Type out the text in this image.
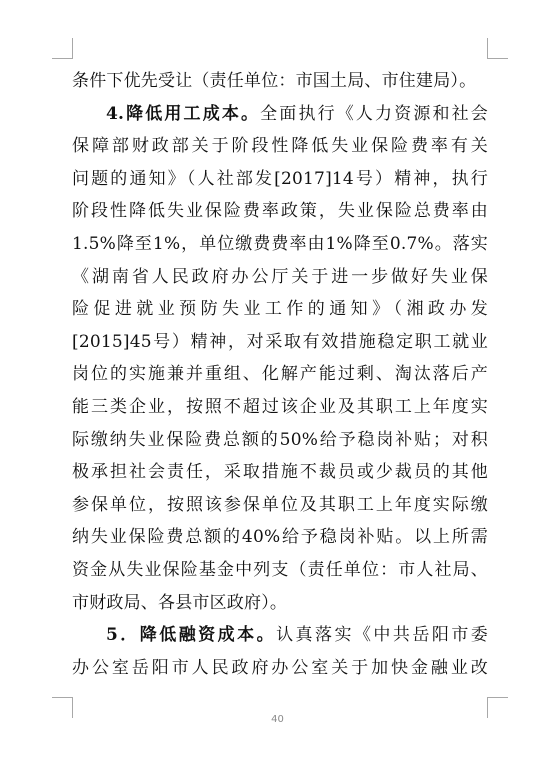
条件下优先受让（责任单位：市国土局、市住建局）。
4.降低用工成本。全面执行《人力资源和社会
保障部财政部关于阶段性降低失业保险费率有关
问题的通知》（人社部发[2017]14号）精神，执行
阶段性降低失业保险费率政策，失业保险总费率由
1.5%降至1%，单位缴费费率由1%降至0.7%。落实
《湖南省人民政府办公厅关于进一步做好失业保
险促进就业预防失业工作的通知》（湘政办发
[2015]45号）精神，对采取有效措施稳定职工就业
岗位的实施兼并重组、化解产能过剩、淘汰落后产
能三类企业，按照不超过该企业及其职工上年度实
际缴纳失业保险费总额的50%给予稳岗补贴；对积
极承担社会责任，采取措施不裁员或少裁员的其他
参保单位，按照该参保单位及其职工上年度实际缴
纳失业保险费总额的40%给予稳岗补贴。以上所需
资金从失业保险基金中列支（责任单位：市人社局、
市财政局、各县市区政府）。
5．降低融资成本。认真落实《中共岳阳市委
办公室岳阳市人民政府办公室关于加快金融业改
40
